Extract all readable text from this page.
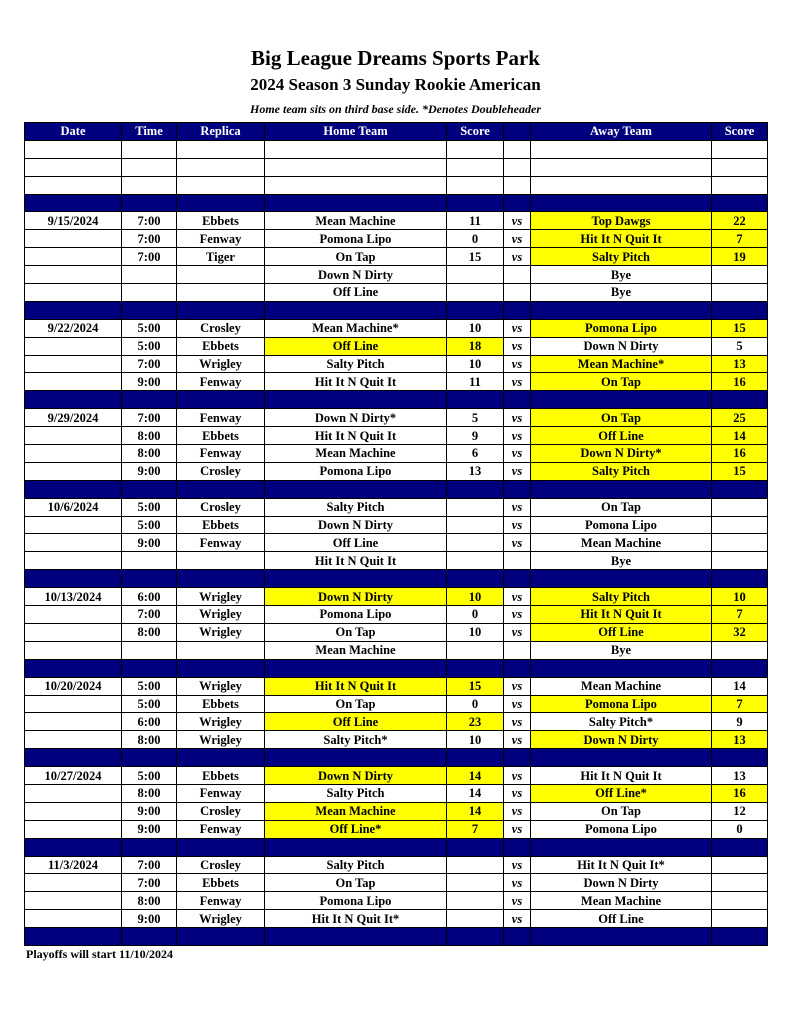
Big League Dreams Sports Park
2024 Season 3 Sunday Rookie American
Home team sits on third base side. *Denotes Doubleheader
Date	Time	Replica	Home Team	Score		Away Team	Score

9/15/2024	7:00	Ebbets	Mean Machine	11	vs	Top Dawgs	22
	7:00	Fenway	Pomona Lipo	0	vs	Hit It N Quit It	7
	7:00	Tiger	On Tap	15	vs	Salty Pitch	19
			Down N Dirty			Bye	
			Off Line			Bye	

9/22/2024	5:00	Crosley	Mean Machine*	10	vs	Pomona Lipo	15
	5:00	Ebbets	Off Line	18	vs	Down N Dirty	5
	7:00	Wrigley	Salty Pitch	10	vs	Mean Machine*	13
	9:00	Fenway	Hit It N Quit It	11	vs	On Tap	16

9/29/2024	7:00	Fenway	Down N Dirty*	5	vs	On Tap	25
	8:00	Ebbets	Hit It N Quit It	9	vs	Off Line	14
	8:00	Fenway	Mean Machine	6	vs	Down N Dirty*	16
	9:00	Crosley	Pomona Lipo	13	vs	Salty Pitch	15

10/6/2024	5:00	Crosley	Salty Pitch		vs	On Tap	
	5:00	Ebbets	Down N Dirty		vs	Pomona Lipo	
	9:00	Fenway	Off Line		vs	Mean Machine	
			Hit It N Quit It			Bye	

10/13/2024	6:00	Wrigley	Down N Dirty	10	vs	Salty Pitch	10
	7:00	Wrigley	Pomona Lipo	0	vs	Hit It N Quit It	7
	8:00	Wrigley	On Tap	10	vs	Off Line	32
			Mean Machine			Bye	

10/20/2024	5:00	Wrigley	Hit It N Quit It	15	vs	Mean Machine	14
	5:00	Ebbets	On Tap	0	vs	Pomona Lipo	7
	6:00	Wrigley	Off Line	23	vs	Salty Pitch*	9
	8:00	Wrigley	Salty Pitch*	10	vs	Down N Dirty	13

10/27/2024	5:00	Ebbets	Down N Dirty	14	vs	Hit It N Quit It	13
	8:00	Fenway	Salty Pitch	14	vs	Off Line*	16
	9:00	Crosley	Mean Machine	14	vs	On Tap	12
	9:00	Fenway	Off Line*	7	vs	Pomona Lipo	0

11/3/2024	7:00	Crosley	Salty Pitch		vs	Hit It N Quit It*	
	7:00	Ebbets	On Tap		vs	Down N Dirty	
	8:00	Fenway	Pomona Lipo		vs	Mean Machine	
	9:00	Wrigley	Hit It N Quit It*		vs	Off Line	

Playoffs will start 11/10/2024
